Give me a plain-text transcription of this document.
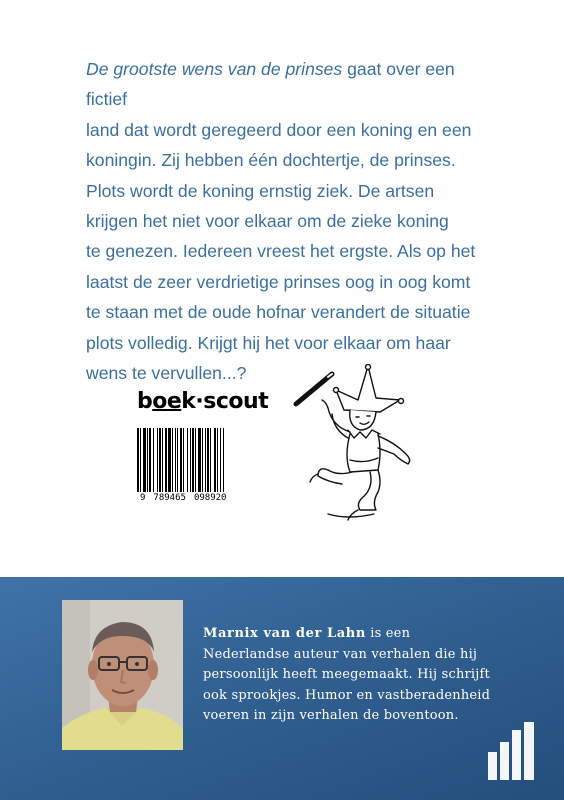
De grootste wens van de prinses gaat over een fictief
land dat wordt geregeerd door een koning en een
koningin. Zij hebben één dochtertje, de prinses.
Plots wordt de koning ernstig ziek. De artsen
krijgen het niet voor elkaar om de zieke koning
te genezen. Iedereen vreest het ergste. Als op het
laatst de zeer verdrietige prinses oog in oog komt
te staan met de oude hofnar verandert de situatie
plots volledig. Krijgt hij het voor elkaar om haar
wens te vervullen...?
boek·scout
9 789465 098920
Marnix van der Lahn is een
Nederlandse auteur van verhalen die hij
persoonlijk heeft meegemaakt. Hij schrijft
ook sprookjes. Humor en vastberadenheid
voeren in zijn verhalen de boventoon.
